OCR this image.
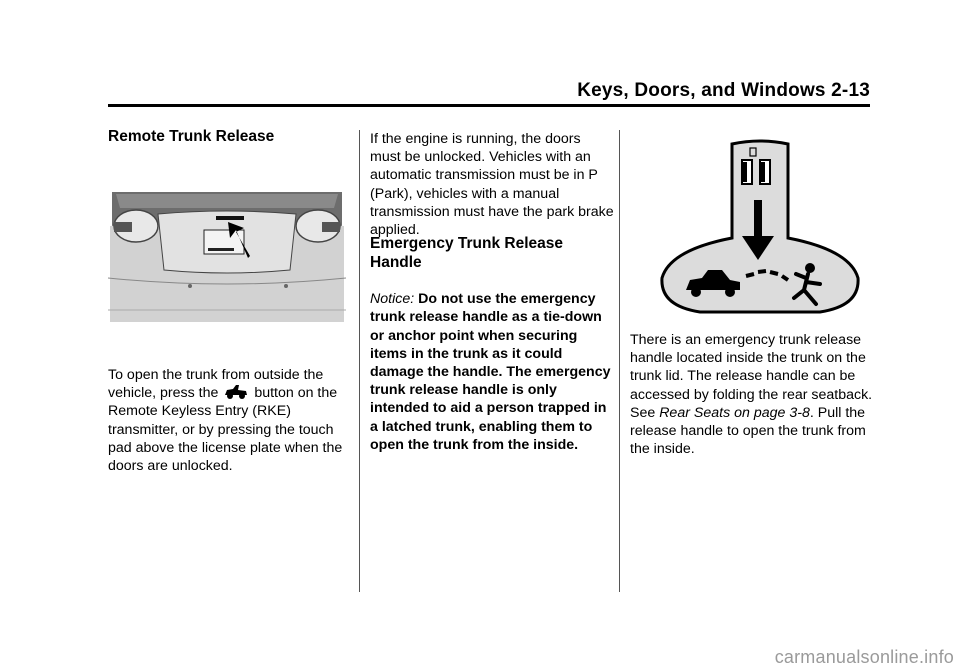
Keys, Doors, and Windows 2-13
Remote Trunk Release

To open the trunk from outside the vehicle, press the	button on the Remote Keyless Entry (RKE) transmitter, or by pressing the touch pad above the license plate when the doors are unlocked.

If the engine is running, the doors must be unlocked. Vehicles with an automatic transmission must be in P (Park), vehicles with a manual transmission must have the park brake applied.

Emergency Trunk Release Handle

Notice: Do not use the emergency trunk release handle as a tie-down or anchor point when securing items in the trunk as it could damage the handle. The emergency trunk release handle is only intended to aid a person trapped in a latched trunk, enabling them to open the trunk from the inside.

There is an emergency trunk release handle located inside the trunk on the trunk lid. The release handle can be accessed by folding the rear seatback. See Rear Seats on page 3-8. Pull the release handle to open the trunk from the inside.

carmanualsonline.info
